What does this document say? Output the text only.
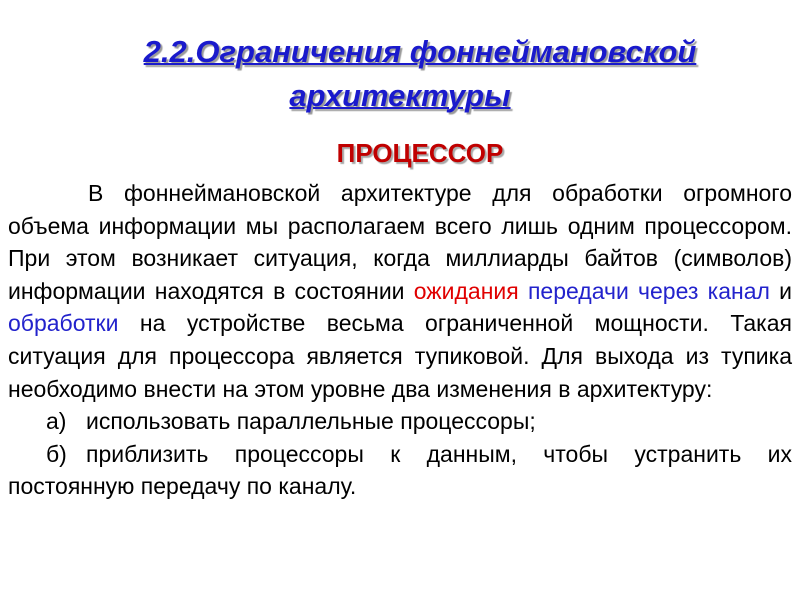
2.2.Ограничения фоннеймановской
архитектуры
ПРОЦЕССОР

В фоннеймановской архитектуре для обработки огромного объема информации мы располагаем всего лишь одним процессором. При этом возникает ситуация, когда миллиарды байтов (символов) информации находятся в состоянии ожидания передачи через канал и обработки на устройстве весьма ограниченной мощности. Такая ситуация для процессора является тупиковой. Для выхода из тупика необходимо внести на этом уровне два изменения в архитектуру:

а) использовать параллельные процессоры;

б) приблизить процессоры к данным, чтобы устранить их постоянную передачу по каналу.
